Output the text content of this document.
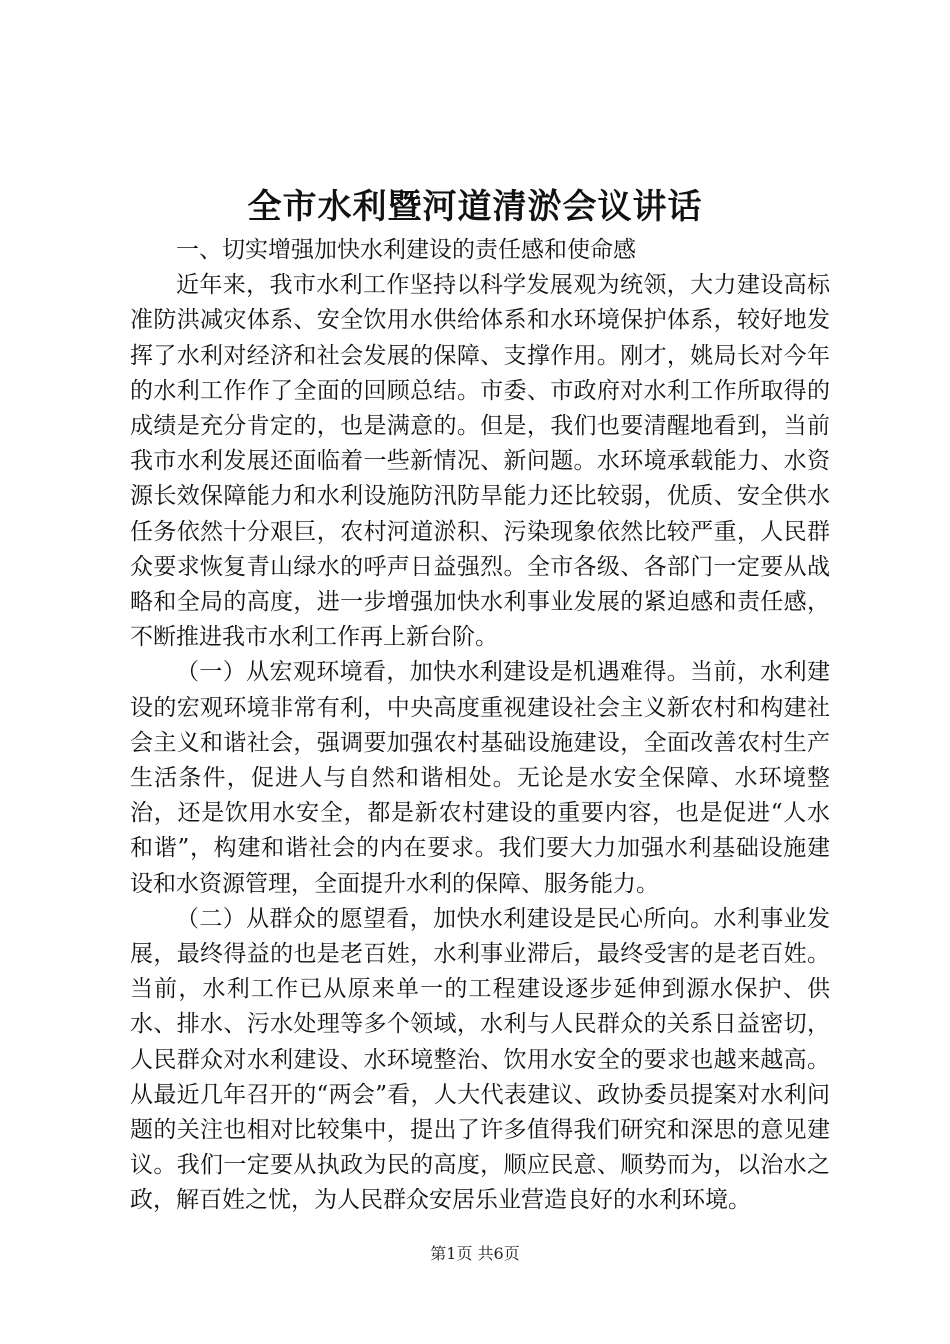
全市水利暨河道清淤会议讲话

一、切实增强加快水利建设的责任感和使命感

近年来，我市水利工作坚持以科学发展观为统领，大力建设高标准防洪减灾体系、安全饮用水供给体系和水环境保护体系，较好地发挥了水利对经济和社会发展的保障、支撑作用。刚才，姚局长对今年的水利工作作了全面的回顾总结。市委、市政府对水利工作所取得的成绩是充分肯定的，也是满意的。但是，我们也要清醒地看到，当前我市水利发展还面临着一些新情况、新问题。水环境承载能力、水资源长效保障能力和水利设施防汛防旱能力还比较弱，优质、安全供水任务依然十分艰巨，农村河道淤积、污染现象依然比较严重，人民群众要求恢复青山绿水的呼声日益强烈。全市各级、各部门一定要从战略和全局的高度，进一步增强加快水利事业发展的紧迫感和责任感，不断推进我市水利工作再上新台阶。

（一）从宏观环境看，加快水利建设是机遇难得。当前，水利建设的宏观环境非常有利，中央高度重视建设社会主义新农村和构建社会主义和谐社会，强调要加强农村基础设施建设，全面改善农村生产生活条件，促进人与自然和谐相处。无论是水安全保障、水环境整治，还是饮用水安全，都是新农村建设的重要内容，也是促进“人水和谐”，构建和谐社会的内在要求。我们要大力加强水利基础设施建设和水资源管理，全面提升水利的保障、服务能力。

（二）从群众的愿望看，加快水利建设是民心所向。水利事业发展，最终得益的也是老百姓，水利事业滞后，最终受害的是老百姓。当前，水利工作已从原来单一的工程建设逐步延伸到源水保护、供水、排水、污水处理等多个领域，水利与人民群众的关系日益密切，人民群众对水利建设、水环境整治、饮用水安全的要求也越来越高。从最近几年召开的“两会”看，人大代表建议、政协委员提案对水利问题的关注也相对比较集中，提出了许多值得我们研究和深思的意见建议。我们一定要从执政为民的高度，顺应民意、顺势而为，以治水之政，解百姓之忧，为人民群众安居乐业营造良好的水利环境。

第1页 共6页
